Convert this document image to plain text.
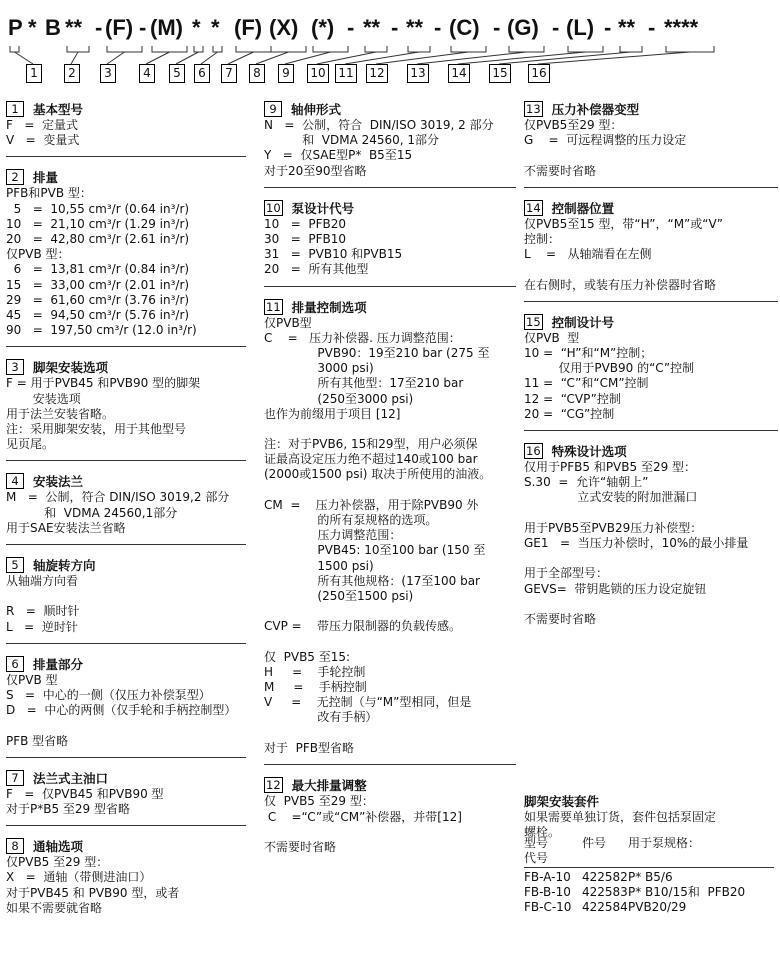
P * B ** - (F) - (M) * * (F) (X) (*) - ** - ** - (C) - (G) - (L) - ** - ****
1	2	3	4	5	6	7	8	9	10 11 12 13 14 15 16
1	基本型号
F   =  定量式
V   =  变量式
2	排量
PFB和PVB 型：
5   =  10,55 cm³/r (0.64 in³/r)
10   =  21,10 cm³/r (1.29 in³/r)
20   =  42,80 cm³/r (2.61 in³/r)
仅PVB 型：
6   =  13,81 cm³/r (0.84 in³/r)
15   =  33,00 cm³/r (2.01 in³/r)
29   =  61,60 cm³/r (3.76 in³/r)
45   =  94,50 cm³/r (5.76 in³/r)
90   =  197,50 cm³/r (12.0 in³/r)
3	脚架安装选项
F = 用于PVB45 和PVB90 型的脚架
安装选项
用于法兰安装省略。
注：采用脚架安装，用于其他型号
见页尾。
4	安装法兰
M   =  公制，符合 DIN/ISO 3019,2 部分
和  VDMA 24560,1部分
用于SAE安装法兰省略
5	轴旋转方向
从轴端方向看
R   =  顺时针
L   =  逆时针
6	排量部分
仅PVB 型
S   =  中心的一侧（仅压力补偿泵型）
D   =  中心的两侧（仅手轮和手柄控制型）
PFB 型省略
7	法兰式主油口
F   =  仅PVB45 和PVB90 型
对于P*B5 至29 型省略
8	通轴选项
仅PVB5 至29 型：
X   =  通轴（带侧进油口）
对于PVB45 和 PVB90 型，或者
如果不需要就省略
9	轴伸形式
N   =  公制，符合  DIN/ISO 3019, 2 部分
和  VDMA 24560, 1部分
Y   =  仅SAE型P*  B5至15
对于20至90型省略
10 泵设计代号
10   =  PFB20
30   =  PFB10
31   =  PVB10 和PVB15
20   =  所有其他型
11 排量控制选项
仅PVB型
C    =   压力补偿器. 压力调整范围：
PVB90：19至210 bar (275 至
3000 psi)
所有其他型：17至210 bar
(250至3000 psi)
也作为前缀用于项目 [12]
注：对于PVB6, 15和29型，用户必须保
证最高设定压力绝不超过140或100 bar
(2000或1500 psi) 取决于所使用的油液。
CM  =    压力补偿器，用于除PVB90 外
的所有泵规格的选项。
压力调整范围：
PVB45: 10至100 bar (150 至
1500 psi)
所有其他规格：(17至100 bar
(250至1500 psi)
CVP =    带压力限制器的负载传感。
仅  PVB5 至15:
H     =    手轮控制
M     =    手柄控制
V     =    无控制（与“M”型相同，但是
改有手柄）
对于  PFB型省略
12 最大排量调整
仅  PVB5 至29 型：
C    =“C”或“CM”补偿器，并带[12]
不需要时省略
13 压力补偿器变型
仅PVB5至29 型：
G    =  可远程调整的压力设定
不需要时省略
14 控制器位置
仅PVB5至15 型，带“H”，“M”或“V”
控制：
L    =   从轴端看在左侧
在右侧时，或装有压力补偿器时省略
15 控制设计号
仅PVB  型
10 =  “H”和“M”控制；
仅用于PVB90 的“C”控制
11 =  “C”和“CM”控制
12 =  “CVP”控制
20 =  “CG”控制
16 特殊设计选项
仅用于PFB5 和PVB5 至29 型：
S.30  =  允许“轴朝上”
立式安装的附加泄漏口
用于PVB5至PVB29压力补偿型：
GE1   =  当压力补偿时，10%的最小排量
用于全部型号：
GEVS=  带钥匙锁的压力设定旋钮
不需要时省略
脚架安装套件
如果需要单独订货，套件包括泵固定
螺栓。
型号	件号	用于泵规格：
代号
FB-A-10 422582 P* B5/6
FB-B-10 422583 P* B10/15和  PFB20
FB-C-10 422584 PVB20/29
